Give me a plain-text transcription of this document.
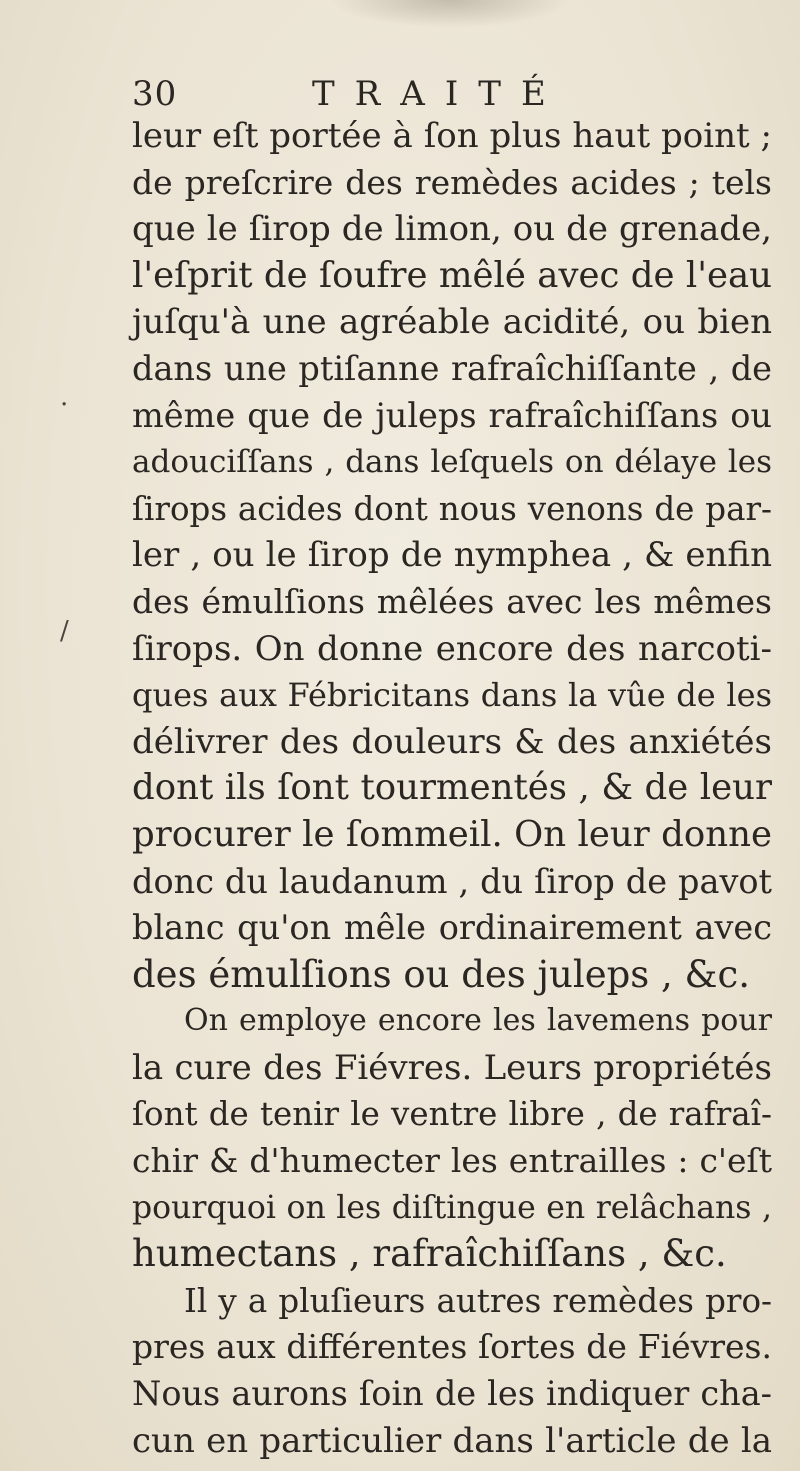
30	TRAITÉ
.
/
leur eſt portée à ſon plus haut point ;
de preſcrire des remèdes acides ; tels
que le ſirop de limon, ou de grenade,
l'eſprit de ſoufre mêlé avec de l'eau
juſqu'à une agréable acidité, ou bien
dans une ptiſanne rafraîchiſſante , de
même que de juleps rafraîchiſſans ou
adouciſſans , dans leſquels on délaye les
ſirops acides dont nous venons de par-
ler , ou le ſirop de nymphea , & enfin
des émulſions mêlées avec les mêmes
ſirops. On donne encore des narcoti-
ques aux Fébricitans dans la vûe de les
délivrer des douleurs & des anxiétés
dont ils ſont tourmentés , & de leur
procurer le ſommeil. On leur donne
donc du laudanum , du ſirop de pavot
blanc qu'on mêle ordinairement avec
des émulſions ou des juleps , &c.
On employe encore les lavemens pour
la cure des Fiévres. Leurs propriétés
ſont de tenir le ventre libre , de rafraî-
chir & d'humecter les entrailles : c'eſt
pourquoi on les diſtingue en relâchans ,
humectans , rafraîchiſſans , &c.
Il y a pluſieurs autres remèdes pro-
pres aux différentes ſortes de Fiévres.
Nous aurons ſoin de les indiquer cha-
cun en particulier dans l'article de la
